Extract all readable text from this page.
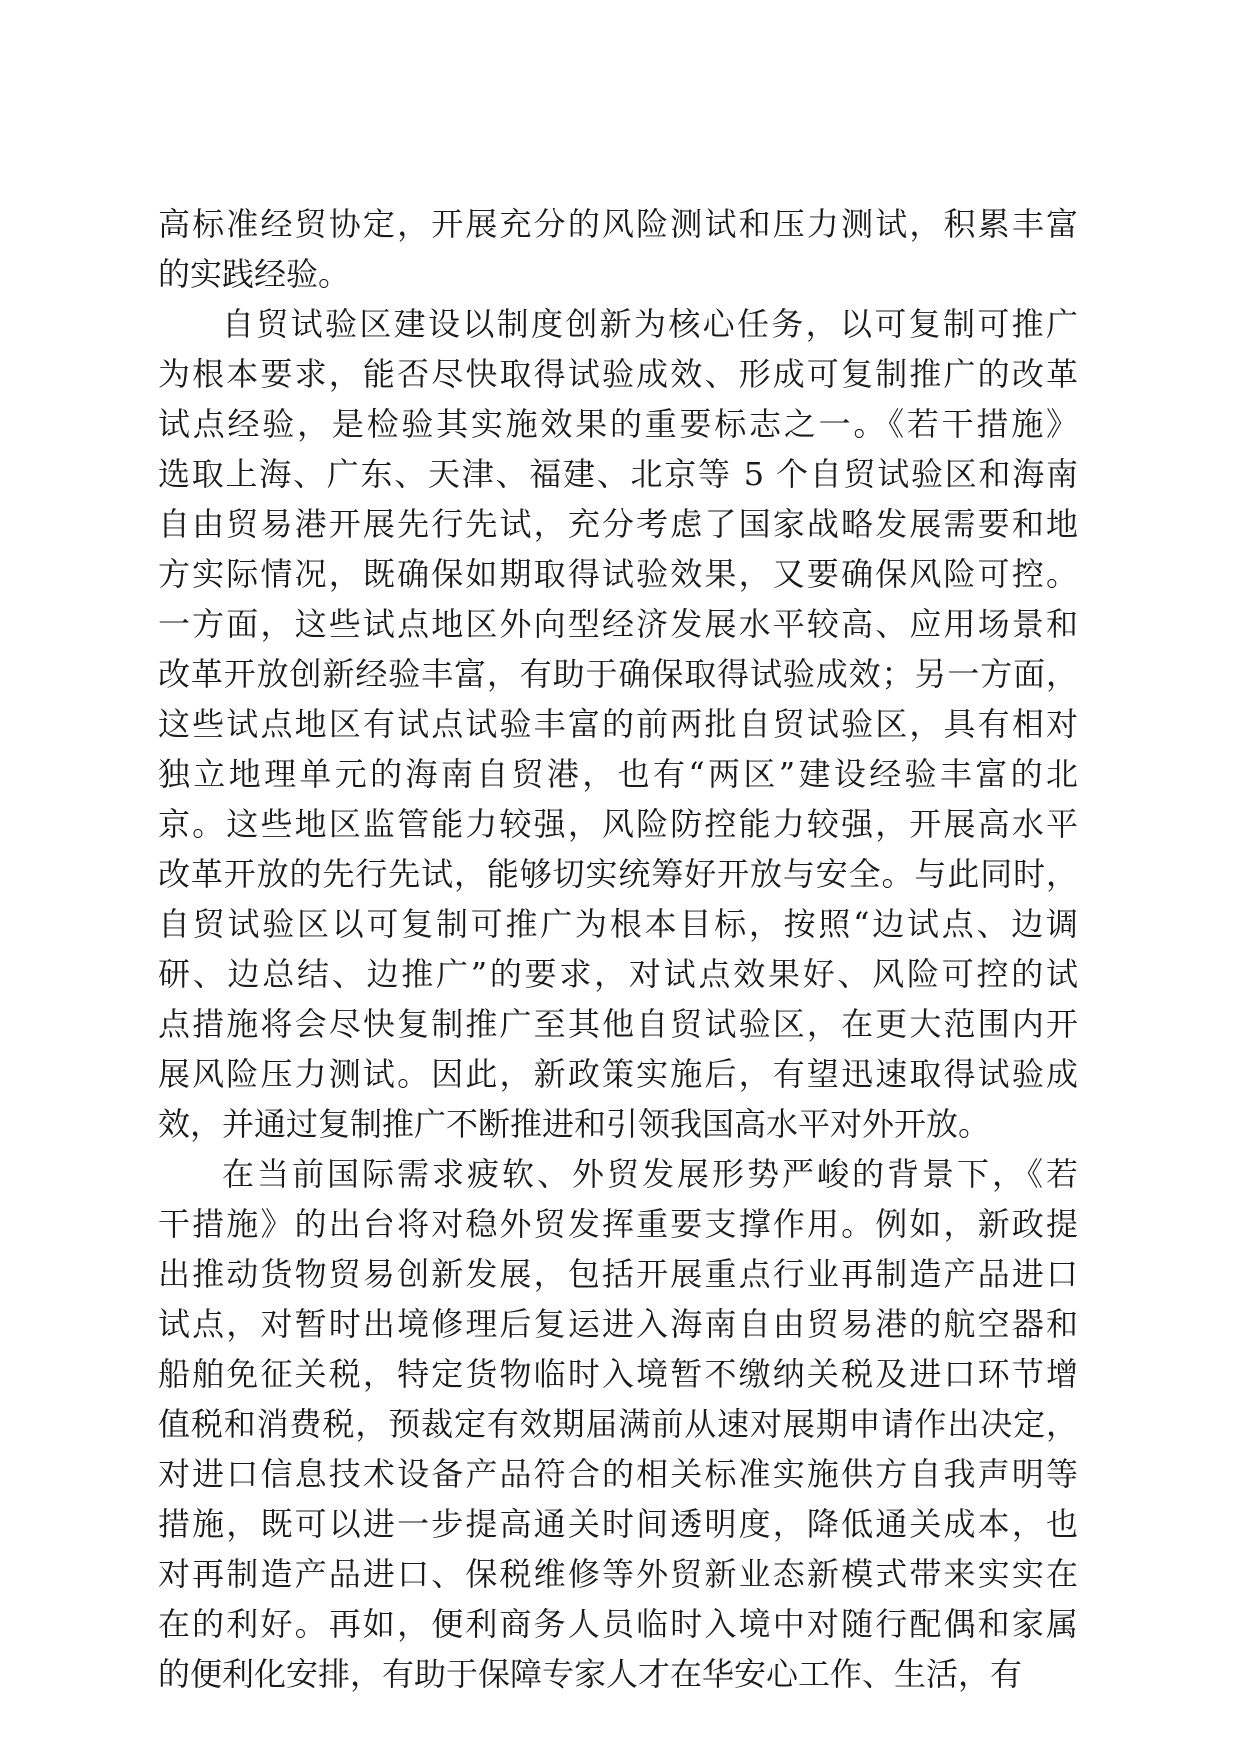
高标准经贸协定，开展充分的风险测试和压力测试，积累丰富
的实践经验。

自贸试验区建设以制度创新为核心任务，以可复制可推广
为根本要求，能否尽快取得试验成效、形成可复制推广的改革
试点经验，是检验其实施效果的重要标志之一。《若干措施》
选取上海、广东、天津、福建、北京等 5 个自贸试验区和海南
自由贸易港开展先行先试，充分考虑了国家战略发展需要和地
方实际情况，既确保如期取得试验效果，又要确保风险可控。
一方面，这些试点地区外向型经济发展水平较高、应用场景和
改革开放创新经验丰富，有助于确保取得试验成效；另一方面，
这些试点地区有试点试验丰富的前两批自贸试验区，具有相对
独立地理单元的海南自贸港，也有“两区”建设经验丰富的北
京。这些地区监管能力较强，风险防控能力较强，开展高水平
改革开放的先行先试，能够切实统筹好开放与安全。与此同时，
自贸试验区以可复制可推广为根本目标，按照“边试点、边调
研、边总结、边推广”的要求，对试点效果好、风险可控的试
点措施将会尽快复制推广至其他自贸试验区，在更大范围内开
展风险压力测试。因此，新政策实施后，有望迅速取得试验成
效，并通过复制推广不断推进和引领我国高水平对外开放。

在当前国际需求疲软、外贸发展形势严峻的背景下，《若
干措施》的出台将对稳外贸发挥重要支撑作用。例如，新政提
出推动货物贸易创新发展，包括开展重点行业再制造产品进口
试点，对暂时出境修理后复运进入海南自由贸易港的航空器和
船舶免征关税，特定货物临时入境暂不缴纳关税及进口环节增
值税和消费税，预裁定有效期届满前从速对展期申请作出决定，
对进口信息技术设备产品符合的相关标准实施供方自我声明等
措施，既可以进一步提高通关时间透明度，降低通关成本，也
对再制造产品进口、保税维修等外贸新业态新模式带来实实在
在的利好。再如，便利商务人员临时入境中对随行配偶和家属
的便利化安排，有助于保障专家人才在华安心工作、生活，有
